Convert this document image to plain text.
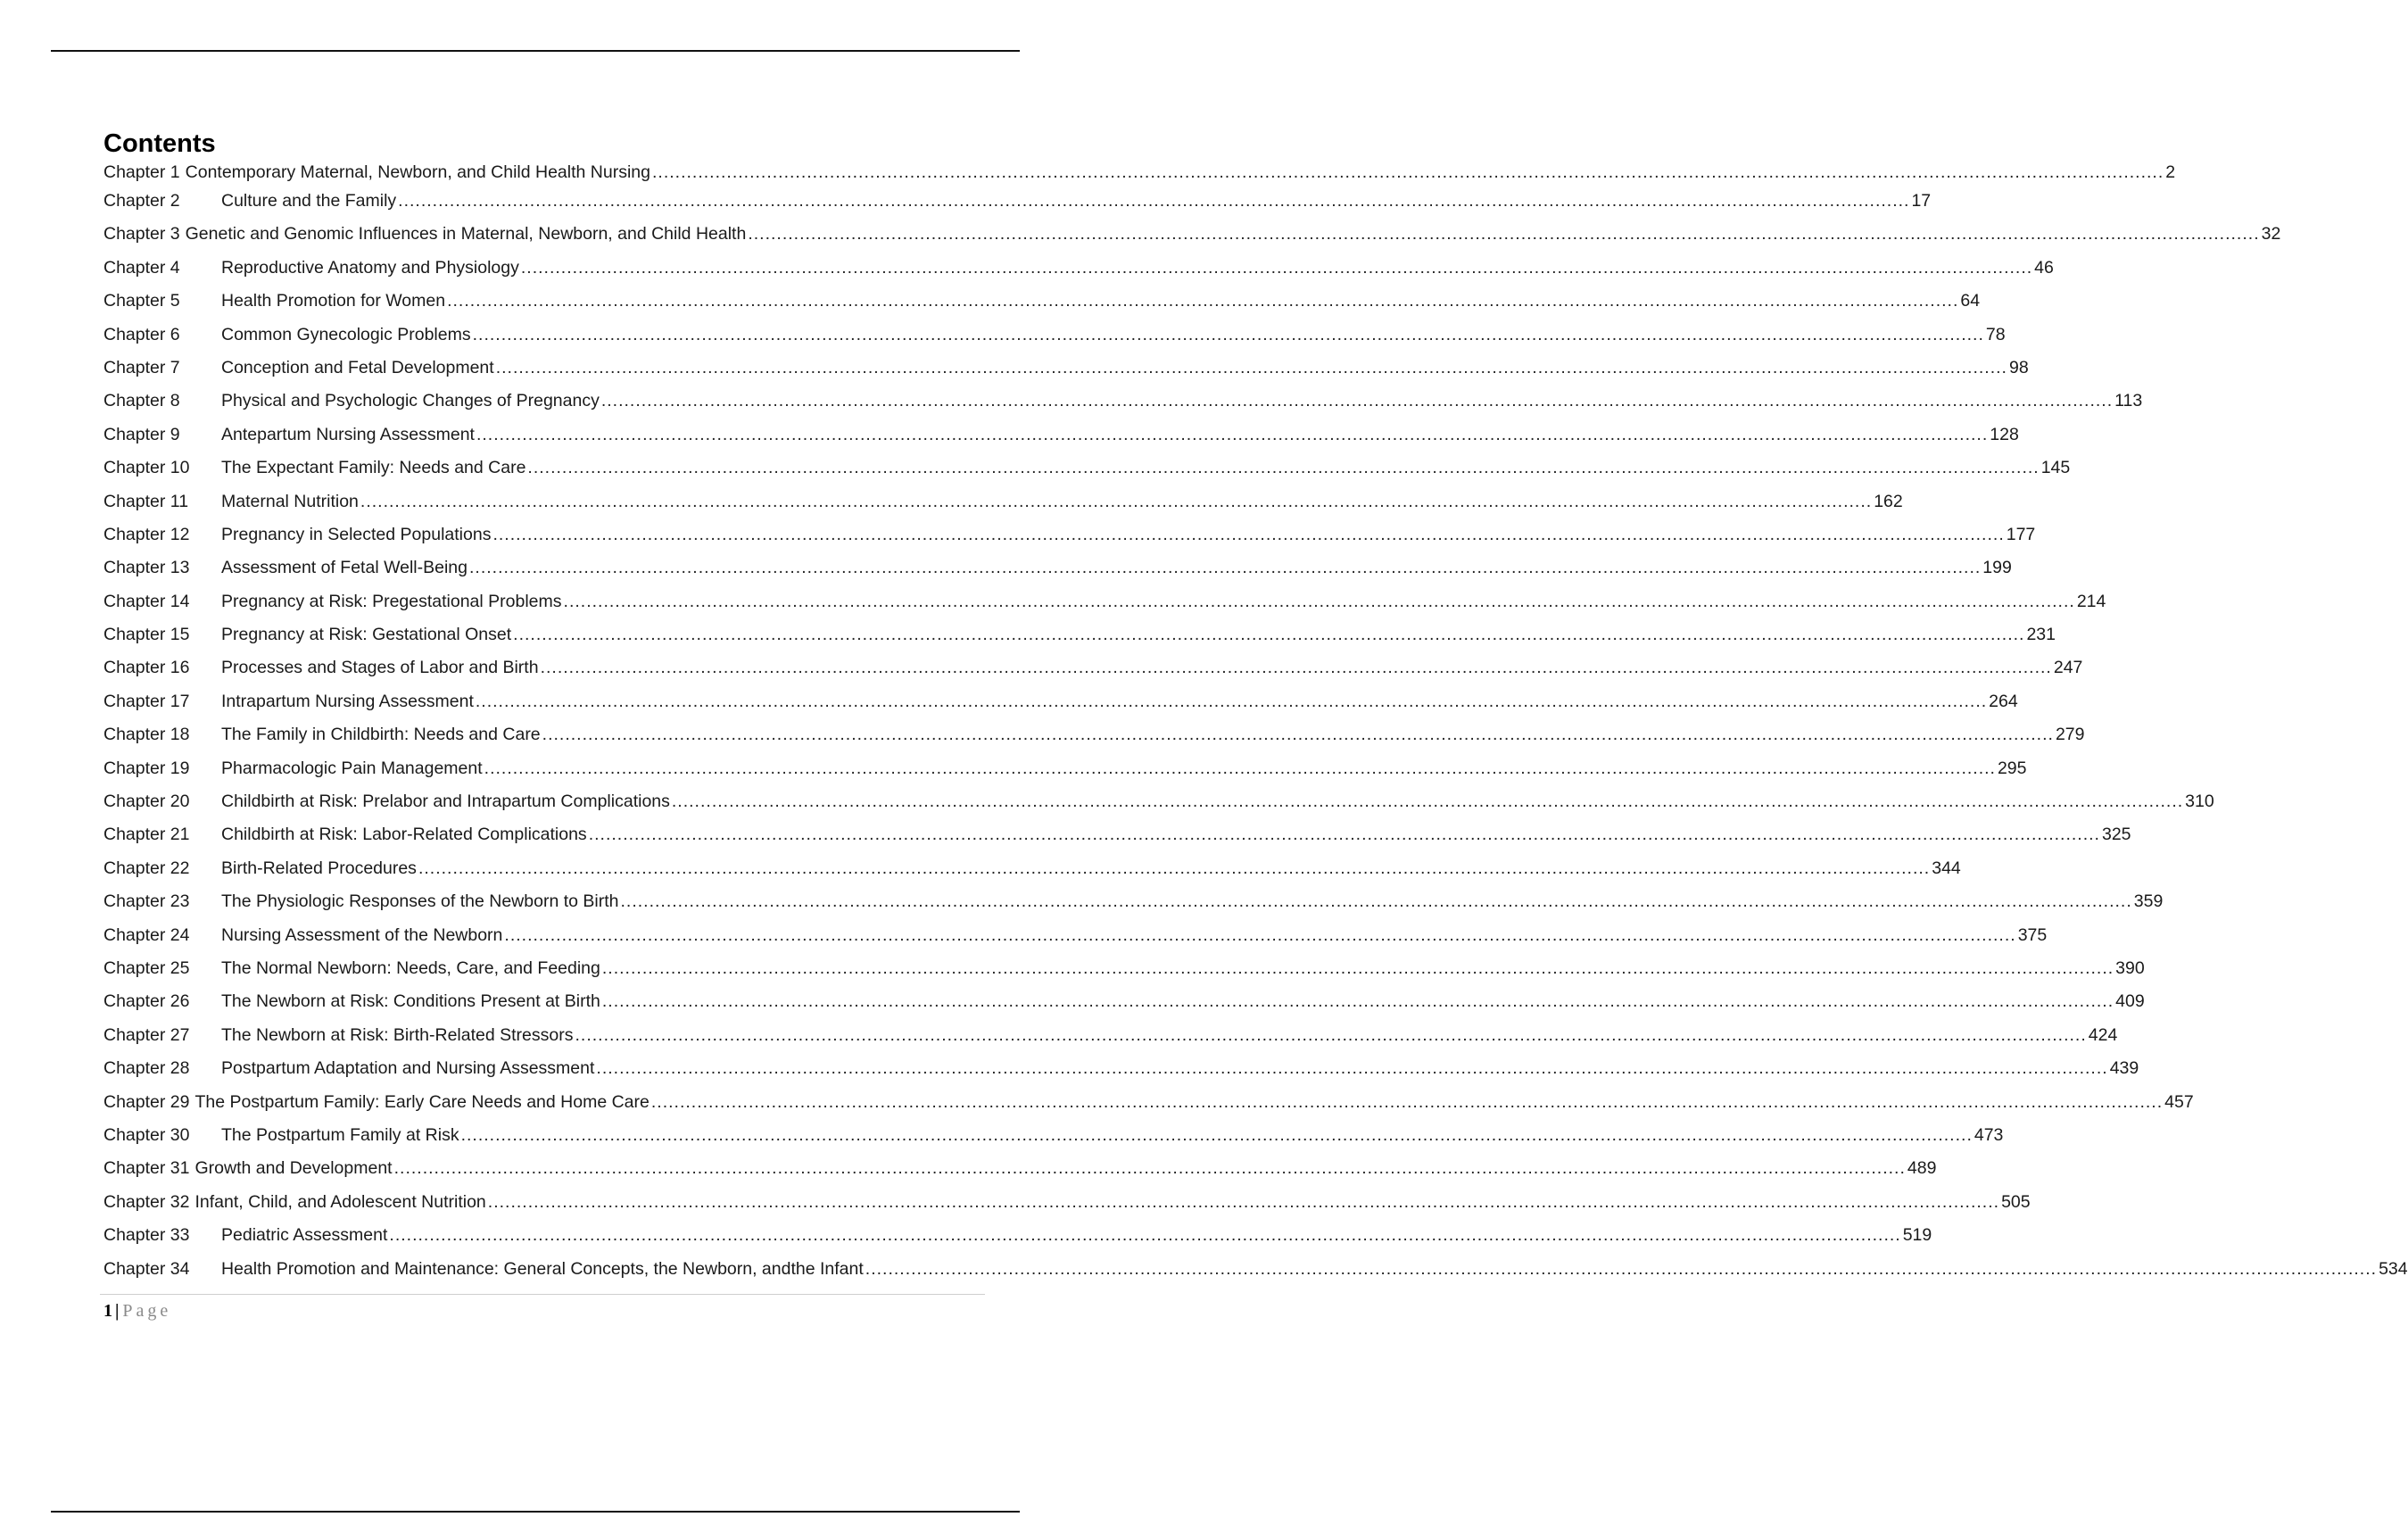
Contents
Chapter 1 Contemporary Maternal, Newborn, and Child Health Nursing .....	2
Chapter 2	Culture and the Family .....	17
Chapter 3 Genetic and Genomic Influences in Maternal, Newborn, and Child Health .....	32
Chapter 4	Reproductive Anatomy and Physiology .....	46
Chapter 5	Health Promotion for Women .....	64
Chapter 6	Common Gynecologic Problems .....	78
Chapter 7	Conception and Fetal Development .....	98
Chapter 8	Physical and Psychologic Changes of Pregnancy .....	113
Chapter 9	Antepartum Nursing Assessment .....	128
Chapter 10	The Expectant Family: Needs and Care .....	145
Chapter 11	Maternal Nutrition .....	162
Chapter 12	Pregnancy in Selected Populations .....	177
Chapter 13	Assessment of Fetal Well-Being .....	199
Chapter 14	Pregnancy at Risk: Pregestational Problems .....	214
Chapter 15	Pregnancy at Risk: Gestational Onset .....	231
Chapter 16	Processes and Stages of Labor and Birth .....	247
Chapter 17	Intrapartum Nursing Assessment .....	264
Chapter 18	The Family in Childbirth: Needs and Care .....	279
Chapter 19	Pharmacologic Pain Management .....	295
Chapter 20	Childbirth at Risk: Prelabor and Intrapartum Complications .....	310
Chapter 21	Childbirth at Risk: Labor-Related Complications .....	325
Chapter 22	Birth-Related Procedures .....	344
Chapter 23	The Physiologic Responses of the Newborn to Birth .....	359
Chapter 24	Nursing Assessment of the Newborn .....	375
Chapter 25	The Normal Newborn: Needs, Care, and Feeding .....	390
Chapter 26	The Newborn at Risk: Conditions Present at Birth .....	409
Chapter 27	The Newborn at Risk: Birth-Related Stressors .....	424
Chapter 28	Postpartum Adaptation and Nursing Assessment .....	439
Chapter 29 The Postpartum Family: Early Care Needs and Home Care .....	457
Chapter 30	The Postpartum Family at Risk .....	473
Chapter 31 Growth and Development .....	489
Chapter 32 Infant, Child, and Adolescent Nutrition .....	505
Chapter 33	Pediatric Assessment .....	519
Chapter 34	Health Promotion and Maintenance: General Concepts, the Newborn, andthe Infant .....	534
1 | Page
